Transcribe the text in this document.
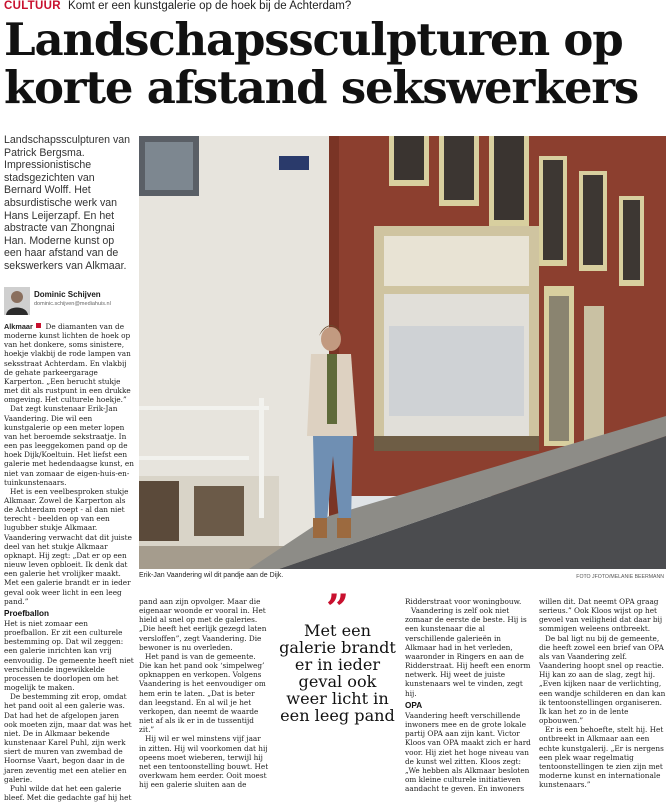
CULTUUR Komt er een kunstgalerie op de hoek bij de Achterdam?
Landschapssculpturen op korte afstand sekswerkers

Landschapssculpturen van Patrick Bergsma. Impressionistische stadsgezichten van Bernard Wolff. Het absurdistische werk van Hans Leijerzapf. En het abstracte van Zhongnai Han. Moderne kunst op een haar afstand van de sekswerkers van Alkmaar.

Dominic Schijven
dominic.schijven@mediahuis.nl
Erik-Jan Vaandering wil dit pandje aan de Dijk.	FOTO JFOTO/MELANIE BEERMANN

Alkmaar De diamanten van de moderne kunst lichten de hoek op van het donkere, soms sinistere, hoekje vlakbij de rode lampen van seksstraat Achterdam. En vlakbij de gehate parkeergarage Karperton. „Een berucht stukje met dit als rustpunt in een drukke omgeving. Het culturele hoekje.”

Dat zegt kunstenaar Erik-Jan Vaandering. Die wil een kunstgalerie op een meter lopen van het beroemde sekstraatje. In een pas leeggekomen pand op de hoek Dijk/Koeltuin. Het liefst een galerie met hedendaagse kunst, en niet van zomaar de eigen-huis-en-tuinkunstenaars.

Het is een veelbesproken stukje Alkmaar. Zowel de Karperton als de Achterdam roept - al dan niet terecht - beelden op van een lugubber stukje Alkmaar. Vaandering verwacht dat dit juiste deel van het stukje Alkmaar opknapt. Hij zegt: „Dat er op een nieuw leven opbloeit. Ik denk dat een galerie het vrolijker maakt. Met een galerie brandt er in ieder geval ook weer licht in een leeg pand.”

Proefballon

Het is niet zomaar een proefballon. Er zit een culturele bestemming op. Dat wil zeggen: een galerie inrichten kan vrij eenvoudig. De gemeente heeft niet verschillende ingewikkelde processen te doorlopen om het mogelijk te maken.

De bestemming zit erop, omdat het pand ooit al een galerie was. Dat had het de afgelopen jaren ook moeten zijn, maar dat was het niet. De in Alkmaar bekende kunstenaar Karel Puhl, zijn werk siert de muren van zwembad de Hoornse Vaart, begon daar in de jaren zeventig met een atelier en galerie.

Puhl wilde dat het een galerie bleef. Met die gedachte gaf hij het

pand aan zijn opvolger. Maar die eigenaar woonde er vooral in. Het hield al snel op met de galeries. „Die heeft het eerlijk gezegd laten versloffen”, zegt Vaandering. Die bewoner is nu overleden.

Het pand is van de gemeente. Die kan het pand ook ‘simpelweg’ opknappen en verkopen. Volgens Vaandering is het eenvoudiger om hem erin te laten. „Dat is beter dan leegstand. En al wil je het verkopen, dan neemt de waarde niet af als ik er in de tussentijd zit.”

Hij wil er wel minstens vijf jaar in zitten. Hij wil voorkomen dat hij opeens moet wieberen, terwijl hij net een tentoonstelling bouwt. Het overkwam hem eerder. Ooit moest hij een galerie sluiten aan de

”
Met een galerie brandt er in ieder geval ook weer licht in een leeg pand

Ridderstraat voor woningbouw.

Vaandering is zelf ook niet zomaar de eerste de beste. Hij is een kunstenaar die al verschillende galerieën in Alkmaar had in het verleden, waaronder in Ringers en aan de Ridderstraat. Hij heeft een enorm netwerk. Hij weet de juiste kunstenaars wel te vinden, zegt hij.

OPA

Vaandering heeft verschillende inwoners mee en de grote lokale partij OPA aan zijn kant. Victor Kloos van OPA maakt zich er hard voor. Hij ziet het hoge niveau van de kunst wel zitten. Kloos zegt: „We hebben als Alkmaar besloten om kleine culturele initiatieven aandacht te geven. En inwoners

willen dit. Dat neemt OPA graag serieus.” Ook Kloos wijst op het gevoel van veiligheid dat daar bij sommigen weleens ontbreekt.

De bal ligt nu bij de gemeente, die heeft zowel een brief van OPA als van Vaandering zelf. Vaandering hoopt snel op reactie. Hij kan zo aan de slag, zegt hij. „Even kijken naar de verlichting, een wandje schilderen en dan kan ik tentoonstellingen organiseren. Ik kan het zo in de lente opbouwen.”

Er is een behoefte, stelt hij. Het ontbreekt in Alkmaar aan een echte kunstgalerij. „Er is nergens een plek waar regelmatig tentoonstellingen te zien zijn met moderne kunst en internationale kunstenaars.”
